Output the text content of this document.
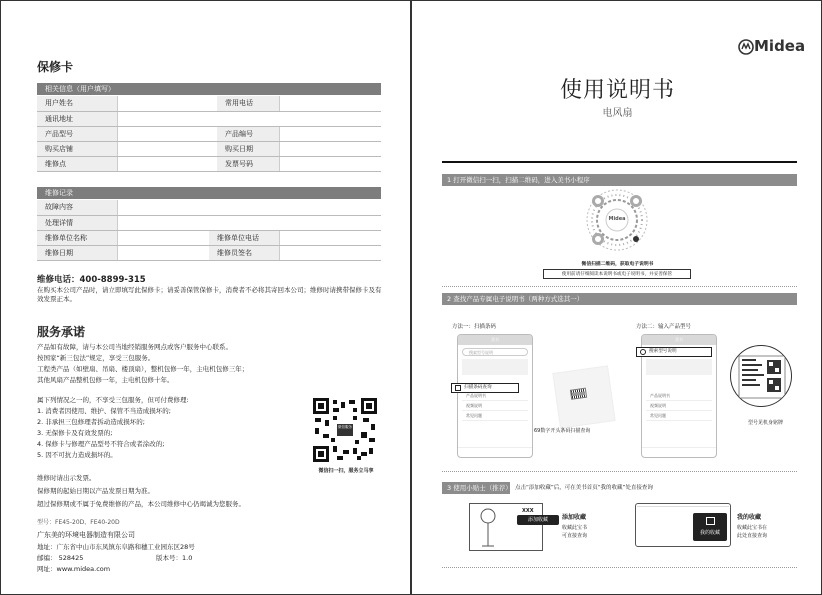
保修卡
相关信息（用户填写）
用户姓名		常用电话	
通讯地址			
产品型号		产品编号	
购买店铺		购买日期	
维修点		发票号码	
维修记录
故障内容			
处理详情			
维修单位名称		维修单位电话	
维修日期		维修员签名	
维修电话：400-8899-315
在购买本公司产品时，请立即填写此保修卡；请妥善保管保修卡，消费者不必将其寄回本公司；维修时请携带保修卡及有效发票正本。
服务承诺
产品如有故障，请与本公司当地经销服务网点或客户服务中心联系。
按国家“新三包法”规定，享受三包服务。
工程类产品（如壁扇、吊扇、楼顶扇），整机包修一年，主电机包修三年；
其他风扇产品整机包修一年，主电机包修十年。
属下列情况之一的，不享受三包服务，但可付费修理:
1. 消费者因使用、维护、保管不当造成损坏的;
2. 非承担三包修理者拆动造成损坏的;
3. 无保修卡及有效发票的;
4. 保修卡与修理产品型号不符合或者涂改的;
5. 因不可抗力造成损坏的。
维修时请出示发票。
保修期的起始日期以产品发票日期为准。
超过保修期或不属于免费维修的产品，本公司维修中心仍竭诚为您服务。
型号：FE45-20D、FE40-20D
广东美的环境电器制造有限公司
地址：广东省中山市东凤镇东阜路和穗工业园东区28号
邮编： 528425	版本号：1.0
网址：www.midea.com
微信服务
微信扫一扫，服务立马享
Midea
使用说明书
电风扇
1 打开微信扫一扫，扫描二维码，进入美书小程序
Midea
微信扫描二维码，获取电子说明书
使用前请仔细阅读本说明书或电子说明书，并妥善保管
2 查找产品专属电子说明书（两种方式选其一）
方法一：扫描条码	方法二：输入产品型号
美书
搜索型号说明
产品说明书
视频说明
常见问题
扫描条码查询
69数字开头条码扫描查询
美书
产品说明书
视频说明
常见问题
搜索型号说明
型号见机身铭牌
3 使用小贴士（推荐） 点击“添加收藏”后，可在美书首页“我的收藏”处直接查询
XXX
添加收藏	添加收藏
收藏此宝书
可直接查询	我的收藏
我的收藏
收藏此宝书在
此处直接查询
